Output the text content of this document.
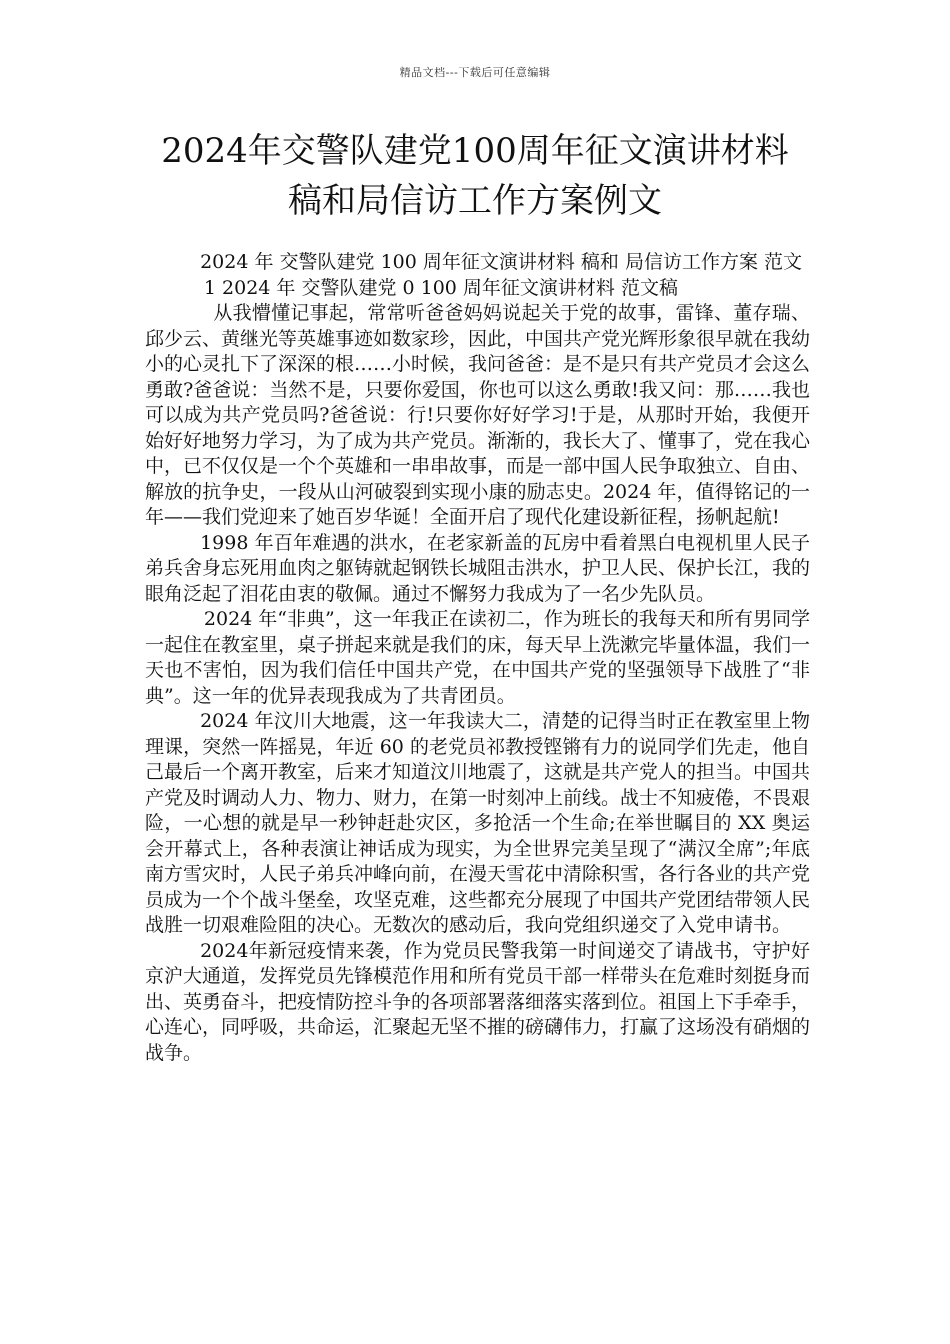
精品文档---下载后可任意编辑
2024年交警队建党100周年征文演讲材料
稿和局信访工作方案例文

2024 年 交警队建党 100 周年征文演讲材料 稿和 局信访工作方案 范文

1 2024 年 交警队建党 0 100 周年征文演讲材料 范文稿

从我懵懂记事起，常常听爸爸妈妈说起关于党的故事，雷锋、董存瑞、邱少云、黄继光等英雄事迹如数家珍，因此，中国共产党光辉形象很早就在我幼小的心灵扎下了深深的根……小时候，我问爸爸：是不是只有共产党员才会这么勇敢?爸爸说：当然不是，只要你爱国，你也可以这么勇敢!我又问：那……我也可以成为共产党员吗?爸爸说：行!只要你好好学习!于是，从那时开始，我便开始好好地努力学习，为了成为共产党员。渐渐的，我长大了、懂事了，党在我心中，已不仅仅是一个个英雄和一串串故事，而是一部中国人民争取独立、自由、解放的抗争史，一段从山河破裂到实现小康的励志史。2024 年，值得铭记的一年——我们党迎来了她百岁华诞！全面开启了现代化建设新征程，扬帆起航!

1998 年百年难遇的洪水，在老家新盖的瓦房中看着黑白电视机里人民子弟兵舍身忘死用血肉之躯铸就起钢铁长城阻击洪水，护卫人民、保护长江，我的眼角泛起了泪花由衷的敬佩。通过不懈努力我成为了一名少先队员。

2024 年“非典”，这一年我正在读初二，作为班长的我每天和所有男同学一起住在教室里，桌子拼起来就是我们的床，每天早上洗漱完毕量体温，我们一天也不害怕，因为我们信任中国共产党，在中国共产党的坚强领导下战胜了“非典”。这一年的优异表现我成为了共青团员。

2024 年汶川大地震，这一年我读大二，清楚的记得当时正在教室里上物理课，突然一阵摇晃，年近 60 的老党员祁教授铿锵有力的说同学们先走，他自己最后一个离开教室，后来才知道汶川地震了，这就是共产党人的担当。中国共产党及时调动人力、物力、财力，在第一时刻冲上前线。战士不知疲倦，不畏艰险，一心想的就是早一秒钟赶赴灾区，多抢活一个生命;在举世瞩目的 XX 奥运会开幕式上，各种表演让神话成为现实，为全世界完美呈现了“满汉全席”;年底南方雪灾时，人民子弟兵冲峰向前，在漫天雪花中清除积雪，各行各业的共产党员成为一个个战斗堡垒，攻坚克难，这些都充分展现了中国共产党团结带领人民战胜一切艰难险阻的决心。无数次的感动后，我向党组织递交了入党申请书。

2024年新冠疫情来袭，作为党员民警我第一时间递交了请战书，守护好京沪大通道，发挥党员先锋模范作用和所有党员干部一样带头在危难时刻挺身而出、英勇奋斗，把疫情防控斗争的各项部署落细落实落到位。祖国上下手牵手，心连心，同呼吸，共命运，汇聚起无坚不摧的磅礴伟力，打赢了这场没有硝烟的战争。
